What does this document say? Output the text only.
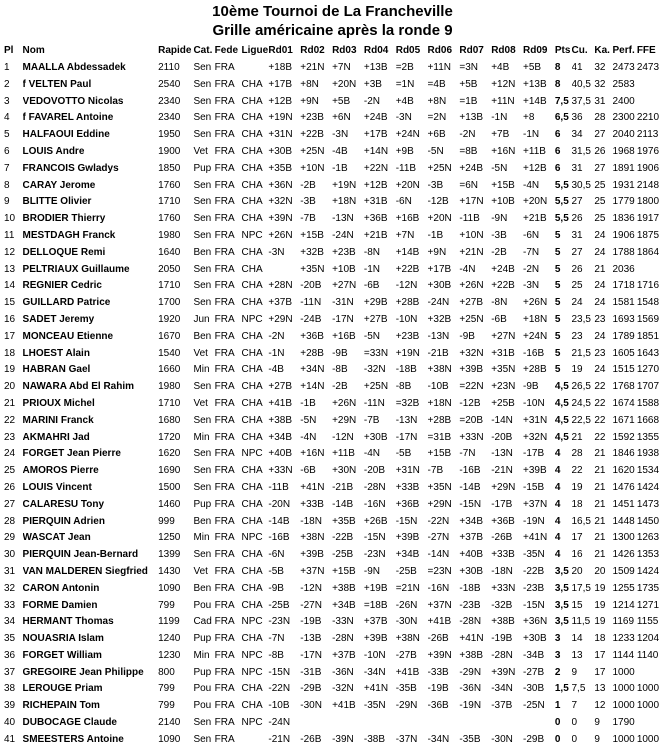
10ème Tournoi de La Francheville

Grille américaine après la ronde 9

Pl	Nom	Rapide	Cat.	Fede	Ligue	Rd01	Rd02	Rd03	Rd04	Rd05	Rd06	Rd07	Rd08	Rd09	Pts	Cu.	Ka.	Perf.	FFE
1	MAALLA Abdessadek	2110	Sen	FRA		+18B	+21N	+7N	+13B	=2B	+11N	=3N	+4B	+5B	8	41	32	2473	2473
2	f VELTEN Paul	2540	Sen	FRA	CHA	+17B	+8N	+20N	+3B	=1N	=4B	+5B	+12N	+13B	8	40,5	32	2583	
3	VEDOVOTTO Nicolas	2340	Sen	FRA	CHA	+12B	+9N	+5B	-2N	+4B	+8N	=1B	+11N	+14B	7,5	37,5	31	2400	
4	f FAVAREL Antoine	2340	Sen	FRA	CHA	+19N	+23B	+6N	+24B	-3N	=2N	+13B	-1N	+8	6,5	36	28	2300	2210
5	HALFAOUI Eddine	1950	Sen	FRA	CHA	+31N	+22B	-3N	+17B	+24N	+6B	-2N	+7B	-1N	6	34	27	2040	2113
6	LOUIS Andre	1900	Vet	FRA	CHA	+30B	+25N	-4B	+14N	+9B	-5N	=8B	+16N	+11B	6	31,5	26	1968	1976
7	FRANCOIS Gwladys	1850	Pup	FRA	CHA	+35B	+10N	-1B	+22N	-11B	+25N	+24B	-5N	+12B	6	31	27	1891	1906
8	CARAY Jerome	1760	Sen	FRA	CHA	+36N	-2B	+19N	+12B	+20N	-3B	=6N	+15B	-4N	5,5	30,5	25	1931	2148
9	BLITTE Olivier	1710	Sen	FRA	CHA	+32N	-3B	+18N	+31B	-6N	-12B	+17N	+10B	+20N	5,5	27	25	1779	1800
10	BRODIER Thierry	1760	Sen	FRA	CHA	+39N	-7B	-13N	+36B	+16B	+20N	-11B	-9N	+21B	5,5	26	25	1836	1917
11	MESTDAGH Franck	1980	Sen	FRA	NPC	+26N	+15B	-24N	+21B	+7N	-1B	+10N	-3B	-6N	5	31	24	1906	1875
12	DELLOQUE Remi	1640	Ben	FRA	CHA	-3N	+32B	+23B	-8N	+14B	+9N	+21N	-2B	-7N	5	27	24	1788	1864
13	PELTRIAUX Guillaume	2050	Sen	FRA	CHA		+35N	+10B	-1N	+22B	+17B	-4N	+24B	-2N	5	26	21	2036	
14	REGNIER Cedric	1710	Sen	FRA	CHA	+28N	-20B	+27N	-6B	-12N	+30B	+26N	+22B	-3N	5	25	24	1718	1716
15	GUILLARD Patrice	1700	Sen	FRA	CHA	+37B	-11N	-31N	+29B	+28B	-24N	+27B	-8N	+26N	5	24	24	1581	1548
16	SADET Jeremy	1920	Jun	FRA	NPC	+29N	-24B	-17N	+27B	-10N	+32B	+25N	-6B	+18N	5	23,5	23	1693	1569
17	MONCEAU Etienne	1670	Ben	FRA	CHA	-2N	+36B	+16B	-5N	+23B	-13N	-9B	+27N	+24N	5	23	24	1789	1851
18	LHOEST Alain	1540	Vet	FRA	CHA	-1N	+28B	-9B	=33N	+19N	-21B	+32N	+31B	-16B	5	21,5	23	1605	1643
19	HABRAN Gael	1660	Min	FRA	CHA	-4B	+34N	-8B	-32N	-18B	+38N	+39B	+35N	+28B	5	19	24	1515	1270
20	NAWARA Abd El Rahim	1980	Sen	FRA	CHA	+27B	+14N	-2B	+25N	-8B	-10B	=22N	+23N	-9B	4,5	26,5	22	1768	1707
21	PRIOUX Michel	1710	Vet	FRA	CHA	+41B	-1B	+26N	-11N	=32B	+18N	-12B	+25B	-10N	4,5	24,5	22	1674	1588
22	MARINI Franck	1680	Sen	FRA	CHA	+38B	-5N	+29N	-7B	-13N	+28B	=20B	-14N	+31N	4,5	22,5	22	1671	1668
23	AKMAHRI Jad	1720	Min	FRA	CHA	+34B	-4N	-12N	+30B	-17N	=31B	+33N	-20B	+32N	4,5	21	22	1592	1355
24	FORGET Jean Pierre	1620	Sen	FRA	NPC	+40B	+16N	+11B	-4N	-5B	+15B	-7N	-13N	-17B	4	28	21	1846	1938
25	AMOROS Pierre	1690	Sen	FRA	CHA	+33N	-6B	+30N	-20B	+31N	-7B	-16B	-21N	+39B	4	22	21	1620	1534
26	LOUIS Vincent	1500	Sen	FRA	CHA	-11B	+41N	-21B	-28N	+33B	+35N	-14B	+29N	-15B	4	19	21	1476	1424
27	CALARESU Tony	1460	Pup	FRA	CHA	-20N	+33B	-14B	-16N	+36B	+29N	-15N	-17B	+37N	4	18	21	1451	1473
28	PIERQUIN Adrien	999	Ben	FRA	CHA	-14B	-18N	+35B	+26B	-15N	-22N	+34B	+36B	-19N	4	16,5	21	1448	1450
29	WASCAT Jean	1250	Min	FRA	NPC	-16B	+38N	-22B	-15N	+39B	-27N	+37B	-26B	+41N	4	17	21	1300	1263
30	PIERQUIN Jean-Bernard	1399	Sen	FRA	CHA	-6N	+39B	-25B	-23N	+34B	-14N	+40B	+33B	-35N	4	16	21	1426	1353
31	VAN MALDEREN Siegfried	1430	Vet	FRA	CHA	-5B	+37N	+15B	-9N	-25B	=23N	+30B	-18N	-22B	3,5	20	20	1509	1424
32	CARON Antonin	1090	Ben	FRA	CHA	-9B	-12N	+38B	+19B	=21N	-16N	-18B	+33N	-23B	3,5	17,5	19	1255	1735
33	FORME Damien	799	Pou	FRA	CHA	-25B	-27N	+34B	=18B	-26N	+37N	-23B	-32B	-15N	3,5	15	19	1214	1271
34	HERMANT Thomas	1199	Cad	FRA	NPC	-23N	-19B	-33N	+37B	-30N	+41B	-28N	+38B	+36N	3,5	11,5	19	1169	1155
35	NOUASRIA Islam	1240	Pup	FRA	CHA	-7N	-13B	-28N	+39B	+38N	-26B	+41N	-19B	+30B	3	14	18	1233	1204
36	FORGET William	1230	Min	FRA	NPC	-8B	-17N	+37B	-10N	-27B	+39N	+38B	-28N	-34B	3	13	17	1144	1140
37	GREGOIRE Jean Philippe	800	Pup	FRA	NPC	-15N	-31B	-36N	-34N	+41B	-33B	-29N	+39N	-27B	2	9	17	1000	
38	LEROUGE Priam	799	Pou	FRA	CHA	-22N	-29B	-32N	+41N	-35B	-19B	-36N	-34N	-30B	1,5	7,5	13	1000	1000
39	RICHEPAIN Tom	799	Pou	FRA	CHA	-10B	-30N	+41B	-35N	-29N	-36B	-19N	-37B	-25N	1	7	12	1000	1000
40	DUBOCAGE Claude	2140	Sen	FRA	NPC	-24N									0	0	9	1790	
41	SMEESTERS Antoine	1090	Sen	FRA		-21N	-26B	-39N	-38B	-37N	-34N	-35B	-30N	-29B	0	0	9	1000	1000
